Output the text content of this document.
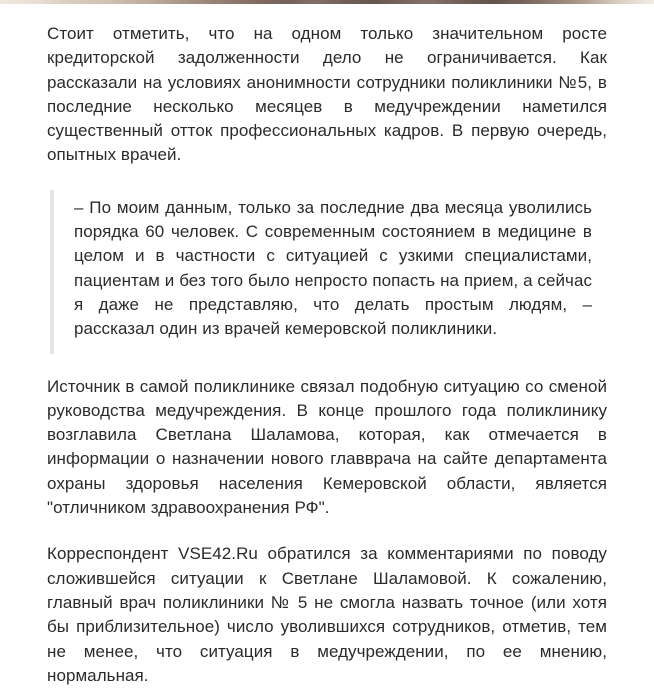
Стоит отметить, что на одном только значительном росте кредиторской задолженности дело не ограничивается. Как рассказали на условиях анонимности сотрудники поликлиники №5, в последние несколько месяцев в медучреждении наметился существенный отток профессиональных кадров. В первую очередь, опытных врачей.

– По моим данным, только за последние два месяца уволились порядка 60 человек. С современным состоянием в медицине в целом и в частности с ситуацией с узкими специалистами, пациентам и без того было непросто попасть на прием, а сейчас я даже не представляю, что делать простым людям, – рассказал один из врачей кемеровской поликлиники.

Источник в самой поликлинике связал подобную ситуацию со сменой руководства медучреждения. В конце прошлого года поликлинику возглавила Светлана Шаламова, которая, как отмечается в информации о назначении нового главврача на сайте департамента охраны здоровья населения Кемеровской области, является "отличником здравоохранения РФ".

Корреспондент VSE42.Ru обратился за комментариями по поводу сложившейся ситуации к Светлане Шаламовой. К сожалению, главный врач поликлиники № 5 не смогла назвать точное (или хотя бы приблизительное) число уволившихся сотрудников, отметив, тем не менее, что ситуация в медучреждении, по ее мнению, нормальная.
